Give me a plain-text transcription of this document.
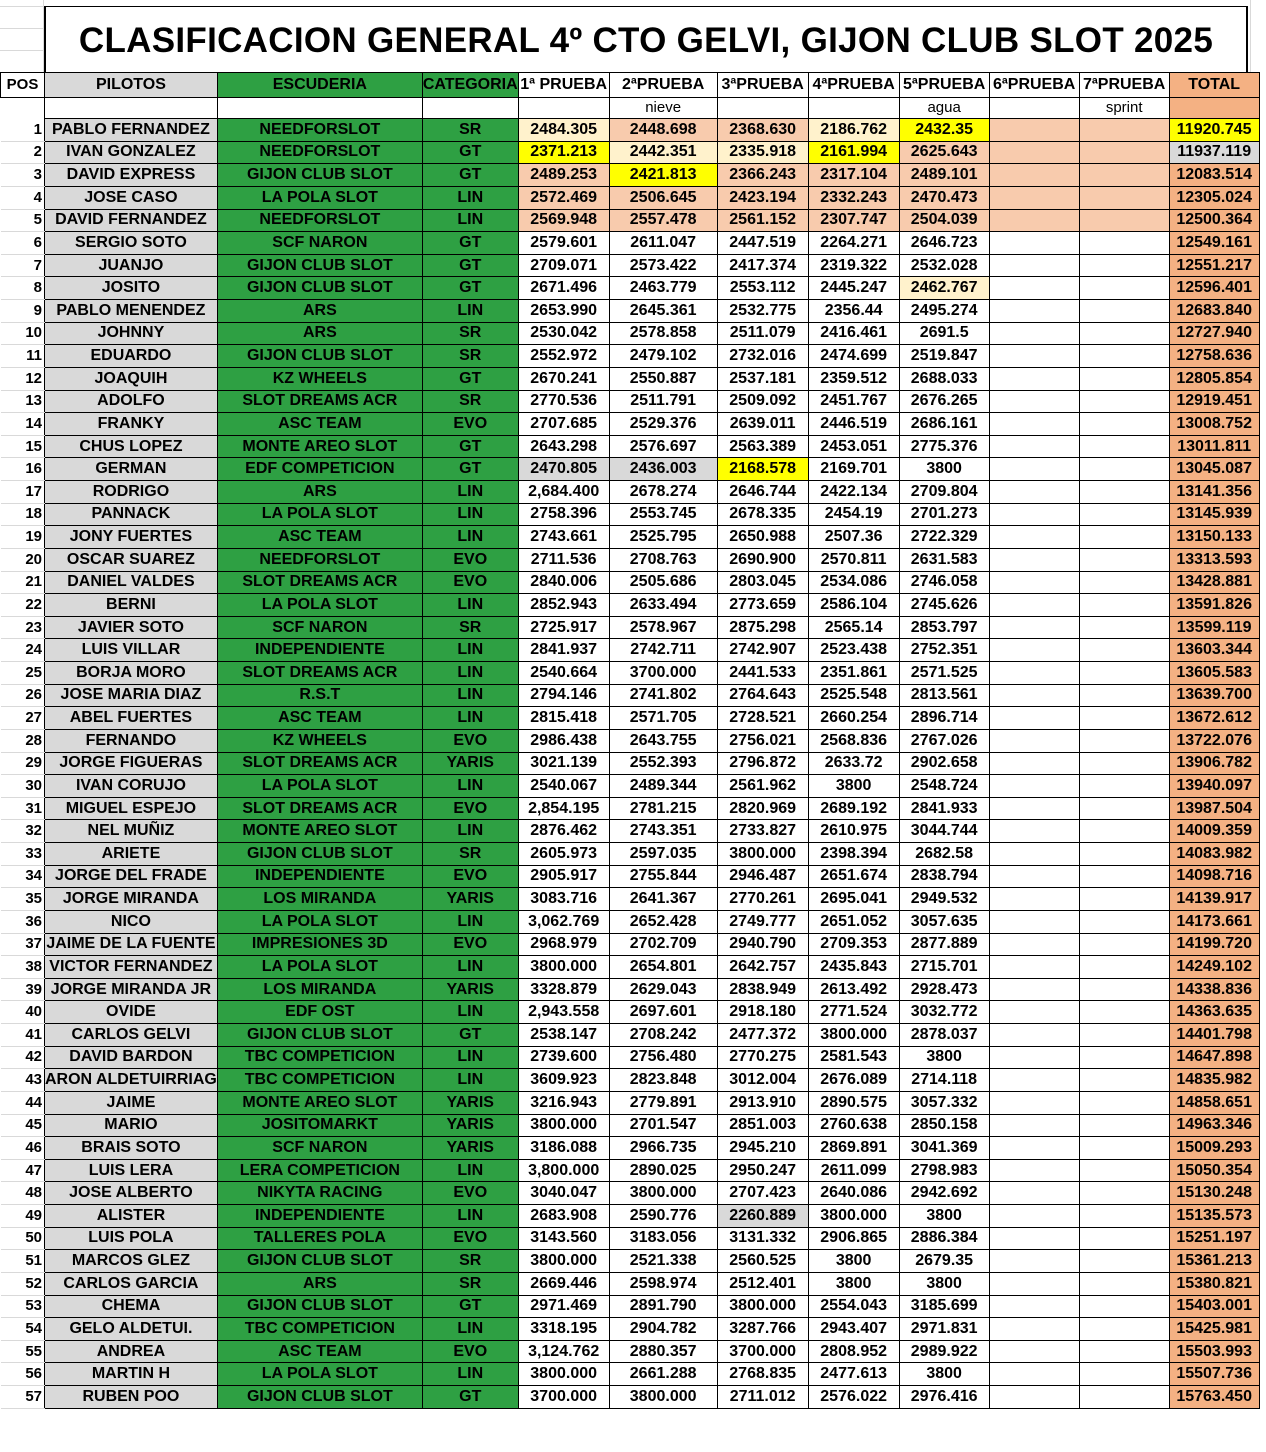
CLASIFICACION GENERAL 4º CTO GELVI, GIJON CLUB SLOT 2025
POS	PILOTOS	ESCUDERIA	CATEGORIA	1ª PRUEBA	2ªPRUEBA	3ªPRUEBA	4ªPRUEBA	5ªPRUEBA	6ªPRUEBA	7ªPRUEBA	TOTAL
					nieve			agua		sprint	
1	PABLO FERNANDEZ	NEEDFORSLOT	SR	2484.305	2448.698	2368.630	2186.762	2432.35			11920.745
2	IVAN GONZALEZ	NEEDFORSLOT	GT	2371.213	2442.351	2335.918	2161.994	2625.643			11937.119
3	DAVID EXPRESS	GIJON CLUB SLOT	GT	2489.253	2421.813	2366.243	2317.104	2489.101			12083.514
4	JOSE CASO	LA POLA SLOT	LIN	2572.469	2506.645	2423.194	2332.243	2470.473			12305.024
5	DAVID FERNANDEZ	NEEDFORSLOT	LIN	2569.948	2557.478	2561.152	2307.747	2504.039			12500.364
6	SERGIO SOTO	SCF NARON	GT	2579.601	2611.047	2447.519	2264.271	2646.723			12549.161
7	JUANJO	GIJON CLUB SLOT	GT	2709.071	2573.422	2417.374	2319.322	2532.028			12551.217
8	JOSITO	GIJON CLUB SLOT	GT	2671.496	2463.779	2553.112	2445.247	2462.767			12596.401
9	PABLO MENENDEZ	ARS	LIN	2653.990	2645.361	2532.775	2356.44	2495.274			12683.840
10	JOHNNY	ARS	SR	2530.042	2578.858	2511.079	2416.461	2691.5			12727.940
11	EDUARDO	GIJON CLUB SLOT	SR	2552.972	2479.102	2732.016	2474.699	2519.847			12758.636
12	JOAQUIH	KZ WHEELS	GT	2670.241	2550.887	2537.181	2359.512	2688.033			12805.854
13	ADOLFO	SLOT DREAMS ACR	SR	2770.536	2511.791	2509.092	2451.767	2676.265			12919.451
14	FRANKY	ASC TEAM	EVO	2707.685	2529.376	2639.011	2446.519	2686.161			13008.752
15	CHUS LOPEZ	MONTE AREO SLOT	GT	2643.298	2576.697	2563.389	2453.051	2775.376			13011.811
16	GERMAN	EDF COMPETICION	GT	2470.805	2436.003	2168.578	2169.701	3800			13045.087
17	RODRIGO	ARS	LIN	2,684.400	2678.274	2646.744	2422.134	2709.804			13141.356
18	PANNACK	LA POLA SLOT	LIN	2758.396	2553.745	2678.335	2454.19	2701.273			13145.939
19	JONY FUERTES	ASC TEAM	LIN	2743.661	2525.795	2650.988	2507.36	2722.329			13150.133
20	OSCAR SUAREZ	NEEDFORSLOT	EVO	2711.536	2708.763	2690.900	2570.811	2631.583			13313.593
21	DANIEL VALDES	SLOT DREAMS ACR	EVO	2840.006	2505.686	2803.045	2534.086	2746.058			13428.881
22	BERNI	LA POLA SLOT	LIN	2852.943	2633.494	2773.659	2586.104	2745.626			13591.826
23	JAVIER SOTO	SCF NARON	SR	2725.917	2578.967	2875.298	2565.14	2853.797			13599.119
24	LUIS VILLAR	INDEPENDIENTE	LIN	2841.937	2742.711	2742.907	2523.438	2752.351			13603.344
25	BORJA MORO	SLOT DREAMS ACR	LIN	2540.664	3700.000	2441.533	2351.861	2571.525			13605.583
26	JOSE MARIA DIAZ	R.S.T	LIN	2794.146	2741.802	2764.643	2525.548	2813.561			13639.700
27	ABEL FUERTES	ASC TEAM	LIN	2815.418	2571.705	2728.521	2660.254	2896.714			13672.612
28	FERNANDO	KZ WHEELS	EVO	2986.438	2643.755	2756.021	2568.836	2767.026			13722.076
29	JORGE FIGUERAS	SLOT DREAMS ACR	YARIS	3021.139	2552.393	2796.872	2633.72	2902.658			13906.782
30	IVAN CORUJO	LA POLA SLOT	LIN	2540.067	2489.344	2561.962	3800	2548.724			13940.097
31	MIGUEL ESPEJO	SLOT DREAMS ACR	EVO	2,854.195	2781.215	2820.969	2689.192	2841.933			13987.504
32	NEL MUÑIZ	MONTE AREO SLOT	LIN	2876.462	2743.351	2733.827	2610.975	3044.744			14009.359
33	ARIETE	GIJON CLUB SLOT	SR	2605.973	2597.035	3800.000	2398.394	2682.58			14083.982
34	JORGE DEL FRADE	INDEPENDIENTE	EVO	2905.917	2755.844	2946.487	2651.674	2838.794			14098.716
35	JORGE MIRANDA	LOS MIRANDA	YARIS	3083.716	2641.367	2770.261	2695.041	2949.532			14139.917
36	NICO	LA POLA SLOT	LIN	3,062.769	2652.428	2749.777	2651.052	3057.635			14173.661
37	JAIME DE LA FUENTE	IMPRESIONES 3D	EVO	2968.979	2702.709	2940.790	2709.353	2877.889			14199.720
38	VICTOR FERNANDEZ	LA POLA SLOT	LIN	3800.000	2654.801	2642.757	2435.843	2715.701			14249.102
39	JORGE MIRANDA JR	LOS MIRANDA	YARIS	3328.879	2629.043	2838.949	2613.492	2928.473			14338.836
40	OVIDE	EDF OST	LIN	2,943.558	2697.601	2918.180	2771.524	3032.772			14363.635
41	CARLOS GELVI	GIJON CLUB SLOT	GT	2538.147	2708.242	2477.372	3800.000	2878.037			14401.798
42	DAVID BARDON	TBC COMPETICION	LIN	2739.600	2756.480	2770.275	2581.543	3800			14647.898
43	ARON ALDETUIRRIAG	TBC COMPETICION	LIN	3609.923	2823.848	3012.004	2676.089	2714.118			14835.982
44	JAIME	MONTE AREO SLOT	YARIS	3216.943	2779.891	2913.910	2890.575	3057.332			14858.651
45	MARIO	JOSITOMARKT	YARIS	3800.000	2701.547	2851.003	2760.638	2850.158			14963.346
46	BRAIS SOTO	SCF NARON	YARIS	3186.088	2966.735	2945.210	2869.891	3041.369			15009.293
47	LUIS LERA	LERA COMPETICION	LIN	3,800.000	2890.025	2950.247	2611.099	2798.983			15050.354
48	JOSE ALBERTO	NIKYTA RACING	EVO	3040.047	3800.000	2707.423	2640.086	2942.692			15130.248
49	ALISTER	INDEPENDIENTE	LIN	2683.908	2590.776	2260.889	3800.000	3800			15135.573
50	LUIS POLA	TALLERES POLA	EVO	3143.560	3183.056	3131.332	2906.865	2886.384			15251.197
51	MARCOS GLEZ	GIJON CLUB SLOT	SR	3800.000	2521.338	2560.525	3800	2679.35			15361.213
52	CARLOS GARCIA	ARS	SR	2669.446	2598.974	2512.401	3800	3800			15380.821
53	CHEMA	GIJON CLUB SLOT	GT	2971.469	2891.790	3800.000	2554.043	3185.699			15403.001
54	GELO ALDETUI.	TBC COMPETICION	LIN	3318.195	2904.782	3287.766	2943.407	2971.831			15425.981
55	ANDREA	ASC TEAM	EVO	3,124.762	2880.357	3700.000	2808.952	2989.922			15503.993
56	MARTIN H	LA POLA SLOT	LIN	3800.000	2661.288	2768.835	2477.613	3800			15507.736
57	RUBEN POO	GIJON CLUB SLOT	GT	3700.000	3800.000	2711.012	2576.022	2976.416			15763.450
